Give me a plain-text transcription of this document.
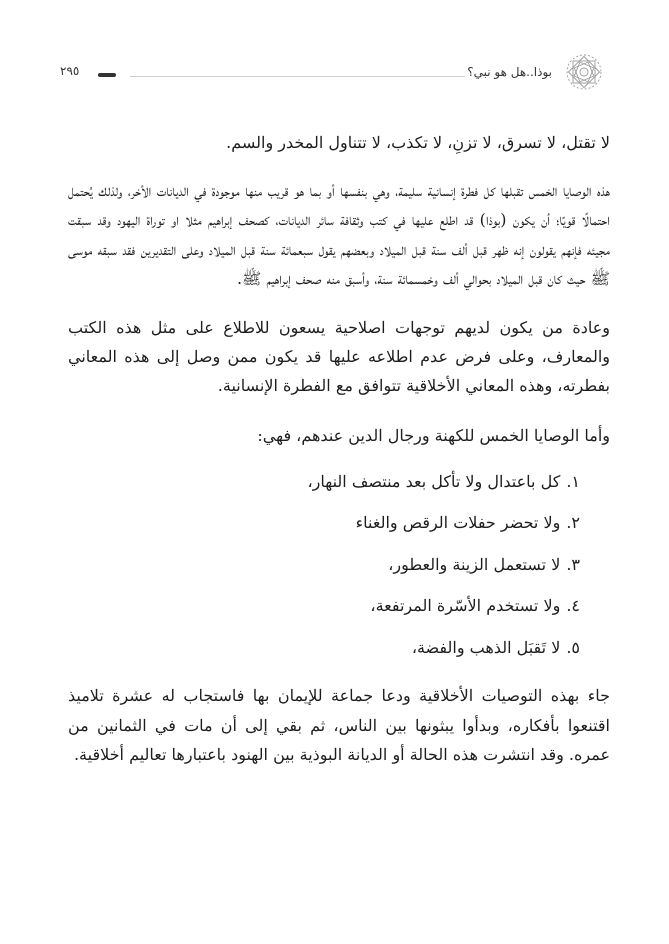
بوذا..هل هو نبي؟
٢٩٥

لا تقتل، لا تسرق، لا تزنِ، لا تكذب، لا تتناول المخدر والسم.

هذه الوصايا الخمس تقبلها كل فطرة إنسانية سليمة، وهي بنفسها أو بما هو قريب منها موجودة في الديانات الأخر، ولذلك يُحتمل احتمالًا قويًا؛ أن يكون (بوذا) قد اطلع عليها في كتب وثقافة سائر الديانات، كصحف إبراهيم مثلا او توراة اليهود وقد سبقت مجيئه فإنهم يقولون إنه ظهر قبل ألف سنة قبل الميلاد وبعضهم يقول سبعمائة سنة قبل الميلاد وعلى التقديرين فقد سبقه موسى ﷺ حيث كان قبل الميلاد بحوالي ألف وخمسمائة سنة، وأسبق منه صحف إبراهيم ﷺ.

وعادة من يكون لديهم توجهات اصلاحية يسعون للاطلاع على مثل هذه الكتب والمعارف، وعلى فرض عدم اطلاعه عليها قد يكون ممن وصل إلى هذه المعاني بفطرته، وهذه المعاني الأخلاقية تتوافق مع الفطرة الإنسانية.

وأما الوصايا الخمس للكهنة ورجال الدين عندهم، فهي:

١.كل باعتدال ولا تأكل بعد منتصف النهار،
٢.ولا تحضر حفلات الرقص والغناء
٣.لا تستعمل الزينة والعطور،
٤.ولا تستخدم الأسّرة المرتفعة،
٥.لا تَقبَل الذهب والفضة،

جاء بهذه التوصيات الأخلاقية ودعا جماعة للإيمان بها فاستجاب له عشرة تلاميذ اقتنعوا بأفكاره، وبدأوا يبثونها بين الناس، ثم بقي إلى أن مات في الثمانين من عمره. وقد انتشرت هذه الحالة أو الديانة البوذية بين الهنود باعتبارها تعاليم أخلاقية.
